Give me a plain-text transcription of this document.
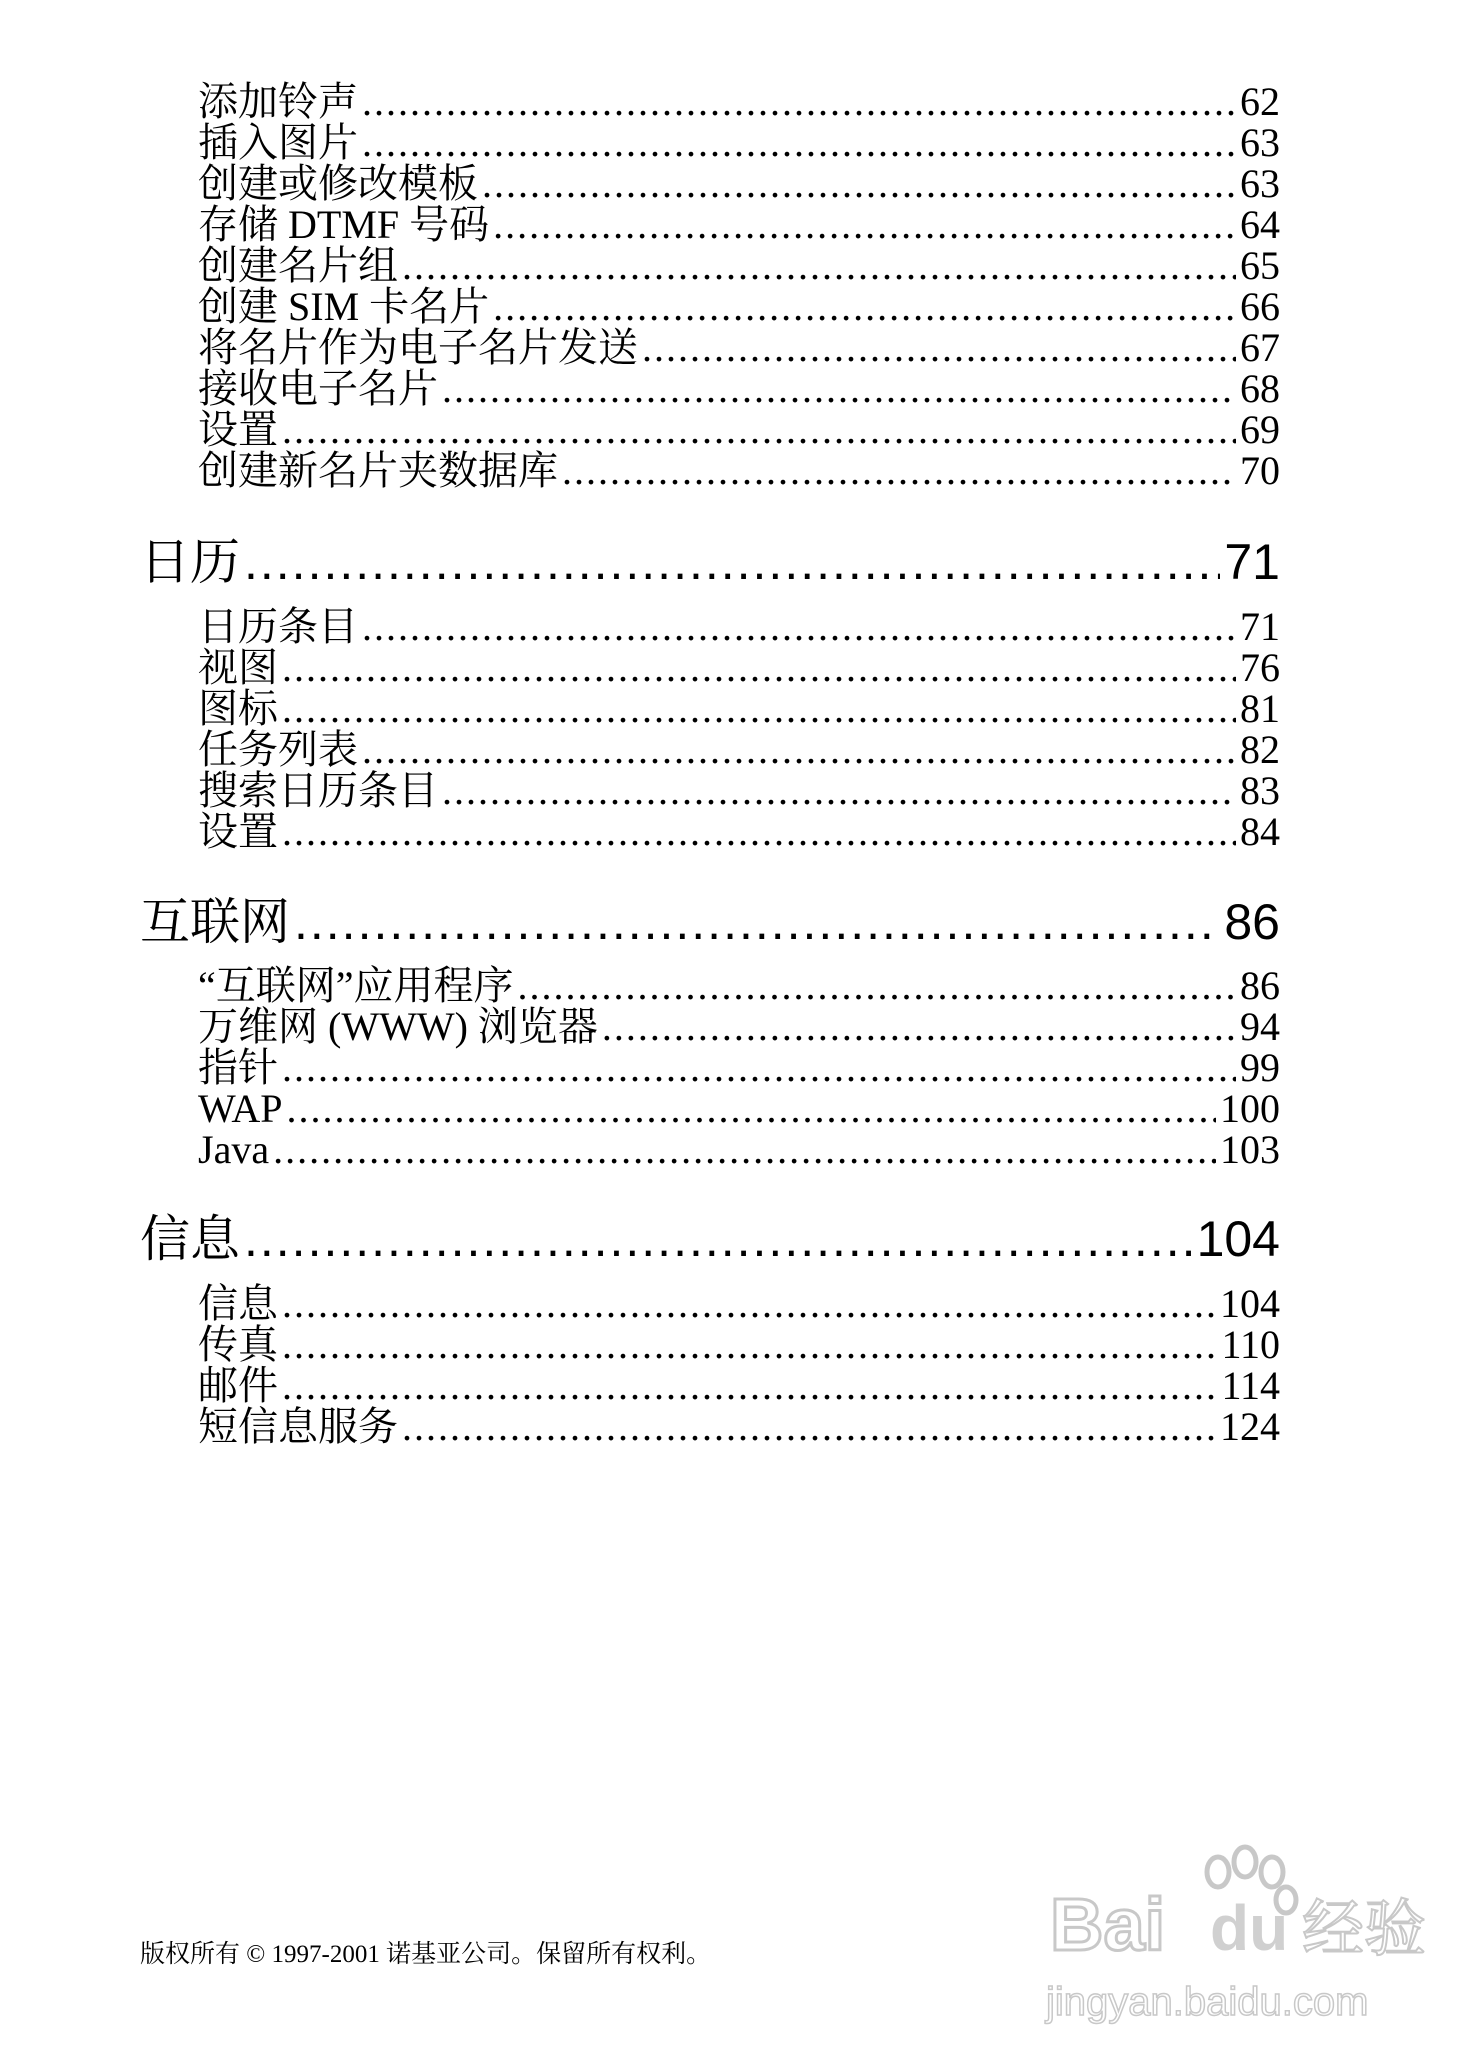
添加铃声 .....	62
插入图片 .....	63
创建或修改模板 .....	63
存储 DTMF 号码 .....	64
创建名片组 .....	65
创建 SIM 卡名片 .....	66
将名片作为电子名片发送 .....	67
接收电子名片 .....	68
设置 .....	69
创建新名片夹数据库 .....	70
日历 .....	71
日历条目 .....	71
视图 .....	76
图标 .....	81
任务列表 .....	82
搜索日历条目 .....	83
设置 .....	84
互联网 .....	86
“互联网”应用程序 .....	86
万维网 (WWW) 浏览器 .....	94
指针 .....	99
WAP .....	100
Java .....	103
信息 .....	104
信息 .....	104
传真 .....	110
邮件 .....	114
短信息服务 .....	124
版权所有 © 1997-2001 诺基亚公司。保留所有权利。	Bai du 经验
jingyan.baidu.com
